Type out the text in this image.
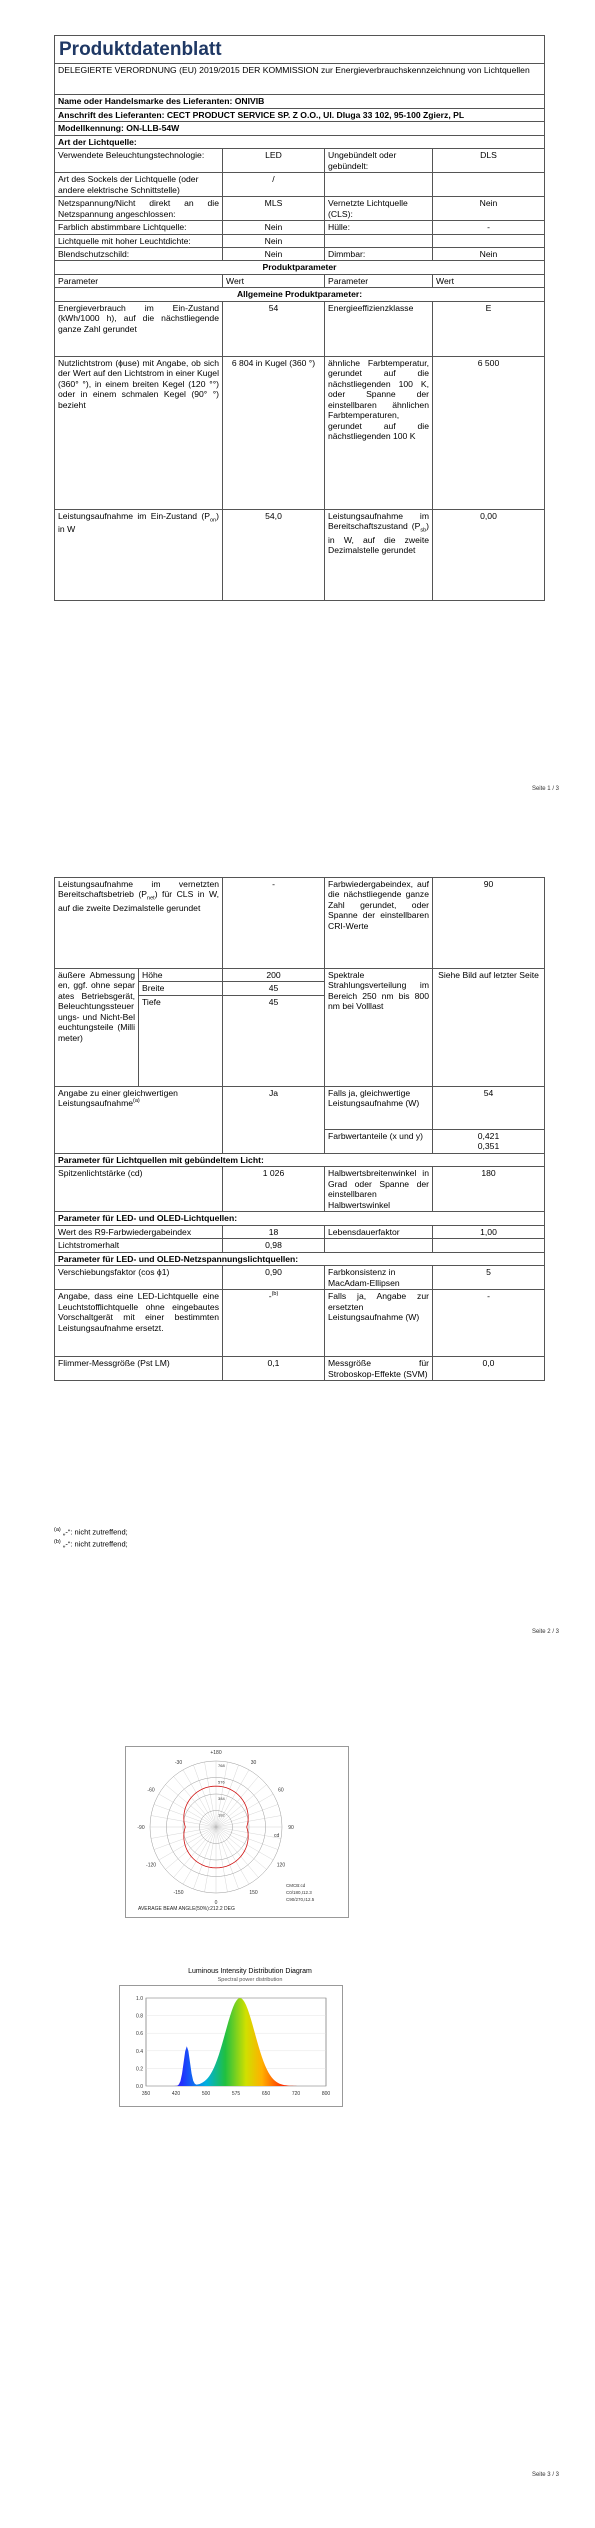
Produktdatenblatt			
DELEGIERTE VERORDNUNG (EU) 2019/2015 DER KOMMISSION zur Energieverbrauchskennzeichnung von Lichtquellen			
Name oder Handelsmarke des Lieferanten: ONIVIB			
Anschrift des Lieferanten: CECT PRODUCT SERVICE SP. Z O.O., Ul. Dluga 33 102, 95-100 Zgierz, PL			
Modellkennung: ON-LLB-54W			
Art der Lichtquelle:			
Verwendete Beleuchtungstechnologie:	LED	Ungebündelt oder gebündelt:	DLS
Art des Sockels der Lichtquelle (oder andere elektrische Schnittstelle)	/		
Netzspannung/Nicht direkt an die Netzspannung angeschlossen:	MLS	Vernetzte Lichtquelle (CLS):	Nein
Farblich abstimmbare Lichtquelle:	Nein	Hülle:	-
Lichtquelle mit hoher Leuchtdichte:	Nein		
Blendschutzschild:	Nein	Dimmbar:	Nein
Produktparameter			
Parameter	Wert	Parameter	Wert
Allgemeine Produktparameter:			
Energieverbrauch im Ein-Zustand (kWh/1000 h), auf die nächstliegende ganze Zahl gerundet	54	Energieeffizienzklasse	E
Nutzlichtstrom (ɸuse) mit Angabe, ob sich der Wert auf den Lichtstrom in einer Kugel (360° °), in einem breiten Kegel (120 °°) oder in einem schmalen Kegel (90° °) bezieht	6 804 in Kugel (360 °)	ähnliche Farbtemperatur, gerundet auf die nächstliegenden 100 K, oder Spanne der einstellbaren ähnlichen Farbtemperaturen, gerundet auf die nächstliegenden 100 K	6 500
Leistungsaufnahme im Ein-Zustand $(P_{on})$ in W	54,0	Leistungsaufnahme im Bereitschaftszustand $(P_{sb})$ in W, auf die zweite Dezimalstelle gerundet	0,00
Seite 1 / 3
Leistungsaufnahme im vernetzten Bereitschaftsbetrieb $(P_{net})$ für CLS in W, auf die zweite Dezimalstelle gerundet		-	Farbwiedergabeindex, auf die nächstliegende ganze Zahl gerundet, oder Spanne der einstellbaren CRI-Werte	90
äußere Abmessungen, ggf. ohne separates Betriebsgerät, Beleuchtungssteuerungs- und Nicht-Beleuchtungsteile (Millimeter)	Höhe	200	Spektrale Strahlungsverteilung im Bereich 250 nm bis 800 nm bei Volllast	Siehe Bild auf letzter Seite
	Breite	45		
	Tiefe	45		
Angabe zu einer gleichwertigen Leistungsaufnahme$^{(a)}$		Ja	Falls ja, gleichwertige Leistungsaufnahme (W)	54
			Farbwertanteile (x und y)	0,421
0,351

Parameter für Lichtquellen mit gebündeltem Licht:				
Spitzenlichtstärke (cd)		1 026	Halbwertsbreitenwinkel in Grad oder Spanne der einstellbaren Halbwertswinkel	180
Parameter für LED- und OLED-Lichtquellen:				
Wert des R9-Farbwiedergabeindex		18	Lebensdauerfaktor	1,00
Lichtstromerhalt		0,98		
Parameter für LED- und OLED-Netzspannungslichtquellen:				
Verschiebungsfaktor (cos ϕ1)		0,90	Farbkonsistenz in MacAdam-Ellipsen	5
Angabe, dass eine LED-Lichtquelle eine Leuchtstofflichtquelle ohne eingebautes Vorschaltgerät mit einer bestimmten Leistungsaufnahme ersetzt.		-$^{(b)}$	Falls ja, Angabe zur ersetzten Leistungsaufnahme (W)	-
Flimmer-Messgröße (Pst LM)		0,1	Messgröße für Stroboskop-Effekte (SVM)	0,0
$^{(a)}$ „-“: nicht zutreffend;
$^{(b)}$ „-“: nicht zutreffend;
Seite 2 / 3
192
384
576
768
+180
-150	150
-120	120
-90	90
-60	60
-30	30
0
cd
CMCB:cd
C0/180,I12.3
C90/270,I12.5
AVERAGE BEAM ANGLE(50%):212.2 DEG
Luminous Intensity Distribution Diagram
Spectral power distribution
0.0
0.2
0.4
0.6
0.8
1.0
350	420	500	575	650	720	800
Seite 3 / 3
